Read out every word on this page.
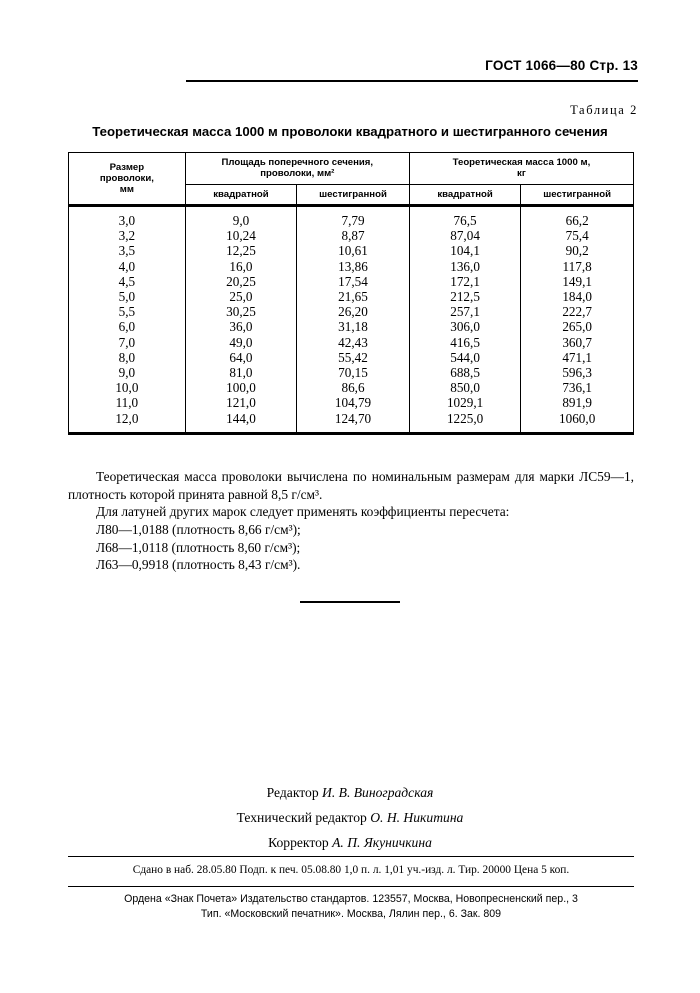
ГОСТ 1066—80 Стр. 13
Таблица 2
Теоретическая масса 1000 м проволоки квадратного и шестигранного сечения
Размер
проволоки,
мм

Площадь поперечного сечения,
проволоки, мм²

Теоретическая масса 1000 м,
кг

	квадратной	шестигранной	квадратной	шестигранной
3,0	9,0	7,79	76,5	66,2
3,2	10,24	8,87	87,04	75,4
3,5	12,25	10,61	104,1	90,2
4,0	16,0	13,86	136,0	117,8
4,5	20,25	17,54	172,1	149,1
5,0	25,0	21,65	212,5	184,0
5,5	30,25	26,20	257,1	222,7
6,0	36,0	31,18	306,0	265,0
7,0	49,0	42,43	416,5	360,7
8,0	64,0	55,42	544,0	471,1
9,0	81,0	70,15	688,5	596,3
10,0	100,0	86,6	850,0	736,1
11,0	121,0	104,79	1029,1	891,9
12,0	144,0	124,70	1225,0	1060,0

Теоретическая масса проволоки вычислена по номинальным размерам для марки ЛС59—1, плотность которой принята равной 8,5 г/см³.

Для латуней других марок следует применять коэффициенты пересчета:

Л80—1,0188 (плотность 8,66 г/см³);
Л68—1,0118 (плотность 8,60 г/см³);
Л63—0,9918 (плотность 8,43 г/см³).
Редактор И. В. Виноградская
Технический редактор О. Н. Никитина
Корректор А. П. Якуничкина
Сдано в наб. 28.05.80 Подп. к печ. 05.08.80 1,0 п. л. 1,01 уч.-изд. л. Тир. 20000 Цена 5 коп.
Ордена «Знак Почета» Издательство стандартов. 123557, Москва, Новопресненский пер., 3
Тип. «Московский печатник». Москва, Лялин пер., 6. Зак. 809
